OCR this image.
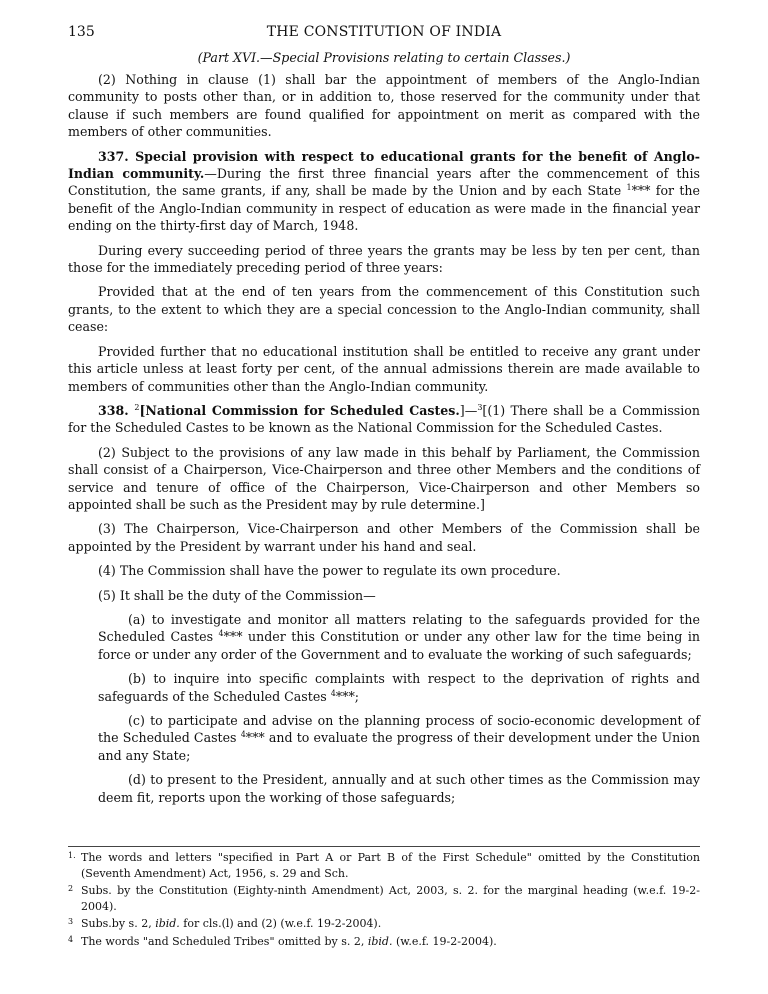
135	THE CONSTITUTION OF INDIA
(Part XVI.—Special Provisions relating to certain Classes.)

(2) Nothing in clause (1) shall bar the appointment of members of the Anglo-Indian community to posts other than, or in addition to, those reserved for the community under that clause if such members are found qualified for appointment on merit as compared with the members of other communities.

337. Special provision with respect to educational grants for the benefit of Anglo-Indian community.—During the first three financial years after the commencement of this Constitution, the same grants, if any, shall be made by the Union and by each State $^1$*** for the benefit of the Anglo-Indian community in respect of education as were made in the financial year ending on the thirty-first day of March, 1948.

During every succeeding period of three years the grants may be less by ten per cent, than those for the immediately preceding period of three years:

Provided that at the end of ten years from the commencement of this Constitution such grants, to the extent to which they are a special concession to the Anglo-Indian community, shall cease:

Provided further that no educational institution shall be entitled to receive any grant under this article unless at least forty per cent, of the annual admissions therein are made available to members of communities other than the Anglo-Indian community.

338. $^2$[National Commission for Scheduled Castes.]—$^3$[(1) There shall be a Commission for the Scheduled Castes to be known as the National Commission for the Scheduled Castes.

(2) Subject to the provisions of any law made in this behalf by Parliament, the Commission shall consist of a Chairperson, Vice-Chairperson and three other Members and the conditions of service and tenure of office of the Chairperson, Vice-Chairperson and other Members so appointed shall be such as the President may by rule determine.]

(3) The Chairperson, Vice-Chairperson and other Members of the Commission shall be appointed by the President by warrant under his hand and seal.

(4) The Commission shall have the power to regulate its own procedure.

(5) It shall be the duty of the Commission—

(a) to investigate and monitor all matters relating to the safeguards provided for the Scheduled Castes $^4$*** under this Constitution or under any other law for the time being in force or under any order of the Government and to evaluate the working of such safeguards;

(b) to inquire into specific complaints with respect to the deprivation of rights and safeguards of the Scheduled Castes $^4$***;

(c) to participate and advise on the planning process of socio-economic development of the Scheduled Castes $^4$*** and to evaluate the progress of their development under the Union and any State;

(d) to present to the President, annually and at such other times as the Commission may deem fit, reports upon the working of those safeguards;

1. The words and letters "specified in Part A or Part B of the First Schedule" omitted by the Constitution (Seventh Amendment) Act, 1956, s. 29 and Sch.
2 Subs. by the Constitution (Eighty-ninth Amendment) Act, 2003, s. 2. for the marginal heading (w.e.f. 19-2-2004).
3 Subs.by s. 2, ibid. for cls.(l) and (2) (w.e.f. 19-2-2004).
4 The words "and Scheduled Tribes" omitted by s. 2, ibid. (w.e.f. 19-2-2004).
